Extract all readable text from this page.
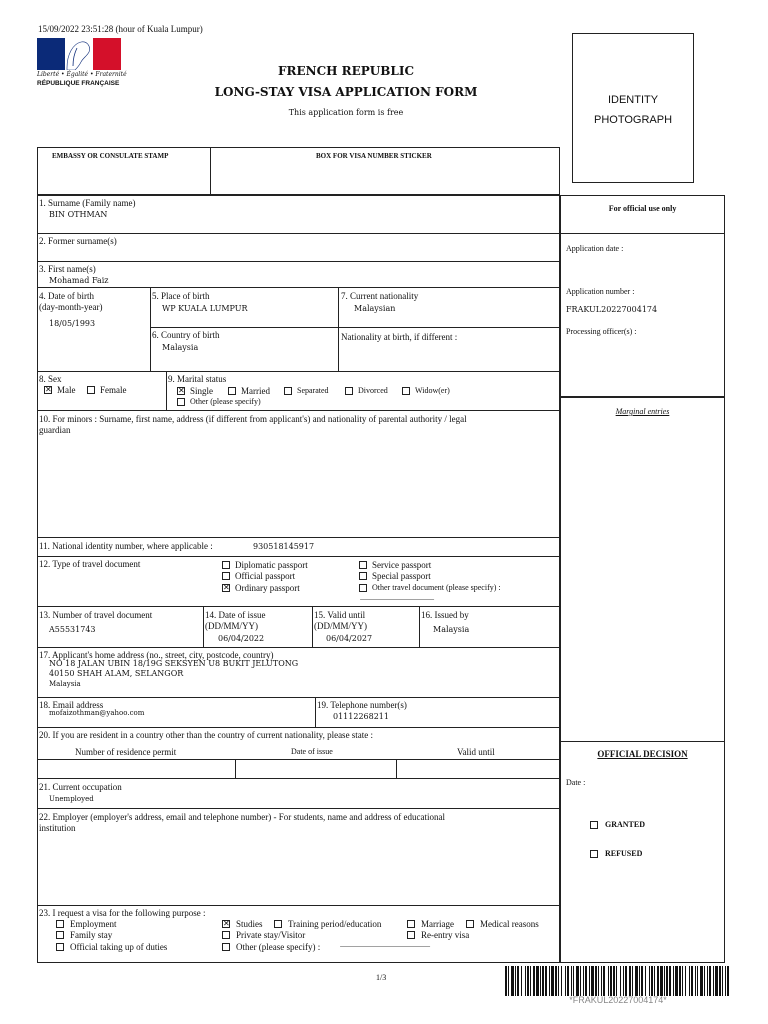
15/09/2022 23:51:28 (hour of Kuala Lumpur)
Liberté • Égalité • Fraternité
RÉPUBLIQUE FRANÇAISE
FRENCH REPUBLIC
LONG-STAY VISA APPLICATION FORM
This application form is free
IDENTITY
PHOTOGRAPH
EMBASSY OR CONSULATE STAMP	BOX FOR VISA NUMBER STICKER
For official use only
Application date :
Application number :
FRAKUL20227004174
Processing officer(s) :
Marginal entries
OFFICIAL DECISION
Date :
GRANTED
REFUSED
1. Surname (Family name)
BIN OTHMAN
2. Former surname(s)
3. First name(s)
Mohamad Faiz
4. Date of birth
(day-month-year)
18/05/1993
5. Place of birth
WP KUALA LUMPUR
6. Country of birth
Malaysia
7. Current nationality
Malaysian
Nationality at birth, if different :
8. Sex
✕ Male	Female
9. Marital status
✕ Single	Married	Separated	Divorced	Widow(er)
Other (please specify)
10. For minors : Surname, first name, address (if different from applicant's) and nationality of parental authority / legal
guardian
11. National identity number, where applicable :	930518145917
12. Type of travel document	Diplomatic passport
Official passport
✕ Ordinary passport
Service passport
Special passport
Other travel document (please specify) :
..........................................................................
13. Number of travel document
A55531743
14. Date of issue
(DD/MM/YY)
06/04/2022
15. Valid until
(DD/MM/YY)
06/04/2027
16. Issued by
Malaysia
17. Applicant's home address (no., street, city, postcode, country)
NO 18 JALAN UBIN 18/19G SEKSYEN U8 BUKIT JELUTONG
40150 SHAH ALAM, SELANGOR
Malaysia
18. Email address
mofaizothman@yahoo.com
19. Telephone number(s)
01112268211
20. If you are resident in a country other than the country of current nationality, please state :
Number of residence permit	Date of issue	Valid until
21. Current occupation
Unemployed
22. Employer (employer's address, email and telephone number) - For students, name and address of educational
institution
23. I request a visa for the following purpose :
Employment
Family stay
Official taking up of duties
✕ Studies
Private stay/Visitor
Other (please specify) :	..........................................................................................
Training period/education	Marriage
Re-entry visa
Medical reasons
1/3
*FRAKUL20227004174*
